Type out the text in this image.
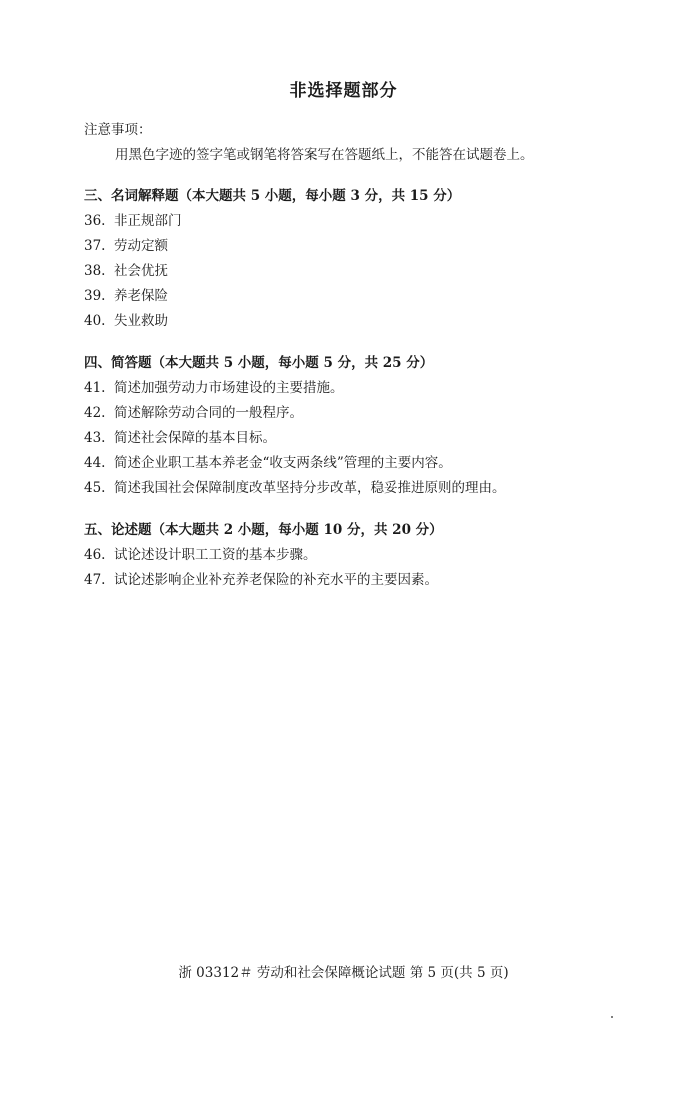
非选择题部分
注意事项：
用黑色字迹的签字笔或钢笔将答案写在答题纸上，不能答在试题卷上。
三、名词解释题（本大题共 5 小题，每小题 3 分，共 15 分）
36. 非正规部门
37. 劳动定额
38. 社会优抚
39. 养老保险
40. 失业救助
四、简答题（本大题共 5 小题，每小题 5 分，共 25 分）
41. 简述加强劳动力市场建设的主要措施。
42. 简述解除劳动合同的一般程序。
43. 简述社会保障的基本目标。
44. 简述企业职工基本养老金“收支两条线”管理的主要内容。
45. 简述我国社会保障制度改革坚持分步改革，稳妥推进原则的理由。
五、论述题（本大题共 2 小题，每小题 10 分，共 20 分）
46. 试论述设计职工工资的基本步骤。
47. 试论述影响企业补充养老保险的补充水平的主要因素。
浙 03312＃ 劳动和社会保障概论试题 第 5 页(共 5 页)
